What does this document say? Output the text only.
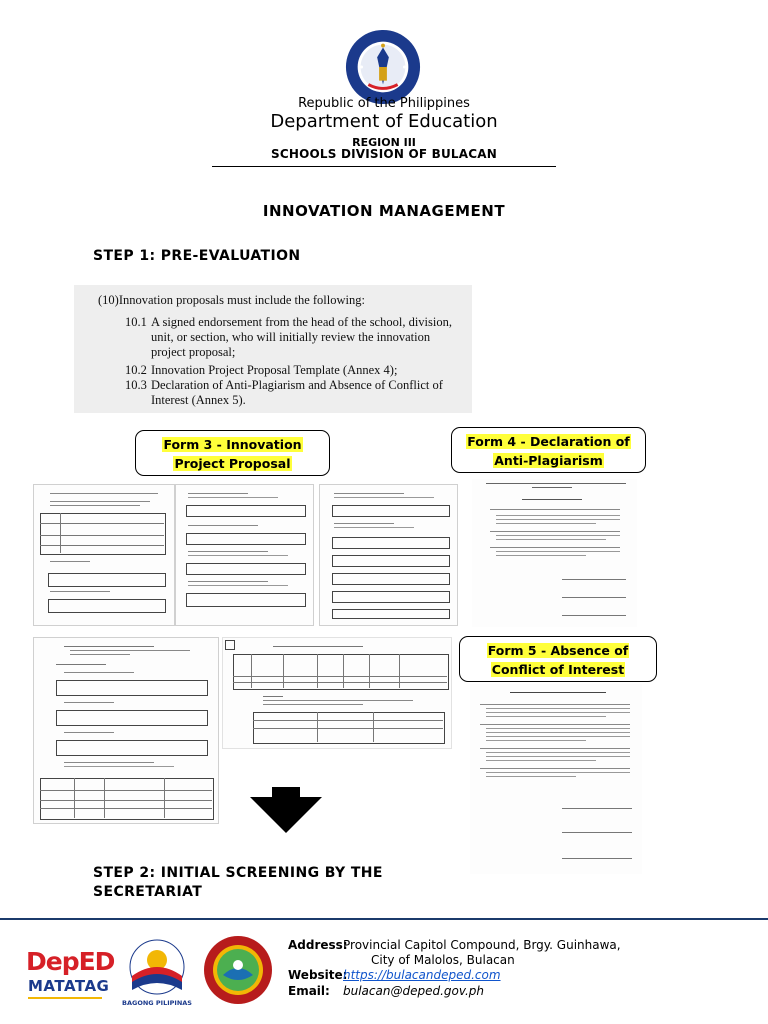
Republic of the Philippines
Department of Education
REGION III
SCHOOLS DIVISION OF BULACAN
INNOVATION MANAGEMENT
STEP 1: PRE-EVALUATION
(10)Innovation proposals must include the following:
10.1 A signed endorsement from the head of the school, division, unit, or section, who will initially review the innovation project proposal;
10.2 Innovation Project Proposal Template (Annex 4);
10.3 Declaration of Anti-Plagiarism and Absence of Conflict of Interest (Annex 5).
Form 3 - Innovation
Project Proposal
Form 4 - Declaration of
Anti-Plagiarism
Form 5 - Absence of
Conflict of Interest
STEP 2: INITIAL SCREENING BY THE SECRETARIAT
DepED
MATATAG
BAGONG PILIPINAS
Address:
Provincial Capitol Compound, Brgy. Guinhawa,
City of Malolos, Bulacan
Website:
https://bulacandeped.com
Email: bulacan@deped.gov.ph
